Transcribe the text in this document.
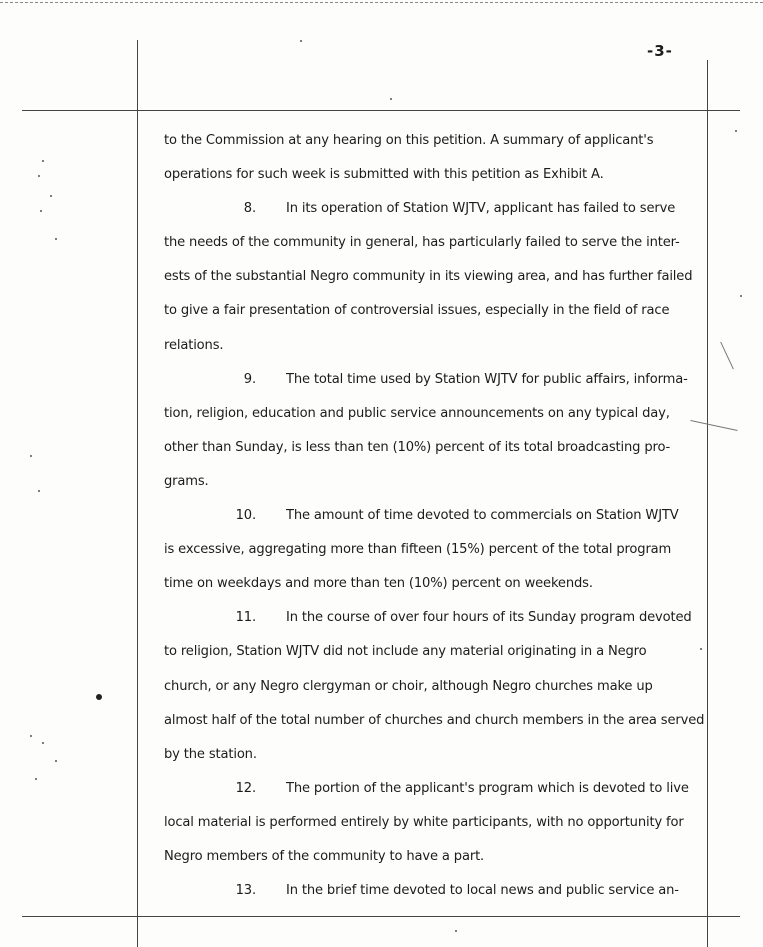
-3-
to the Commission at any hearing on this petition. A summary of applicant's
operations for such week is submitted with this petition as Exhibit A.
8. In its operation of Station WJTV, applicant has failed to serve
the needs of the community in general, has particularly failed to serve the inter-
ests of the substantial Negro community in its viewing area, and has further failed
to give a fair presentation of controversial issues, especially in the field of race
relations.
9. The total time used by Station WJTV for public affairs, informa-
tion, religion, education and public service announcements on any typical day,
other than Sunday, is less than ten (10%) percent of its total broadcasting pro-
grams.
10. The amount of time devoted to commercials on Station WJTV
is excessive, aggregating more than fifteen (15%) percent of the total program
time on weekdays and more than ten (10%) percent on weekends.
11. In the course of over four hours of its Sunday program devoted
to religion, Station WJTV did not include any material originating in a Negro
church, or any Negro clergyman or choir, although Negro churches make up
almost half of the total number of churches and church members in the area served
by the station.
12. The portion of the applicant's program which is devoted to live
local material is performed entirely by white participants, with no opportunity for
Negro members of the community to have a part.
13. In the brief time devoted to local news and public service an-
